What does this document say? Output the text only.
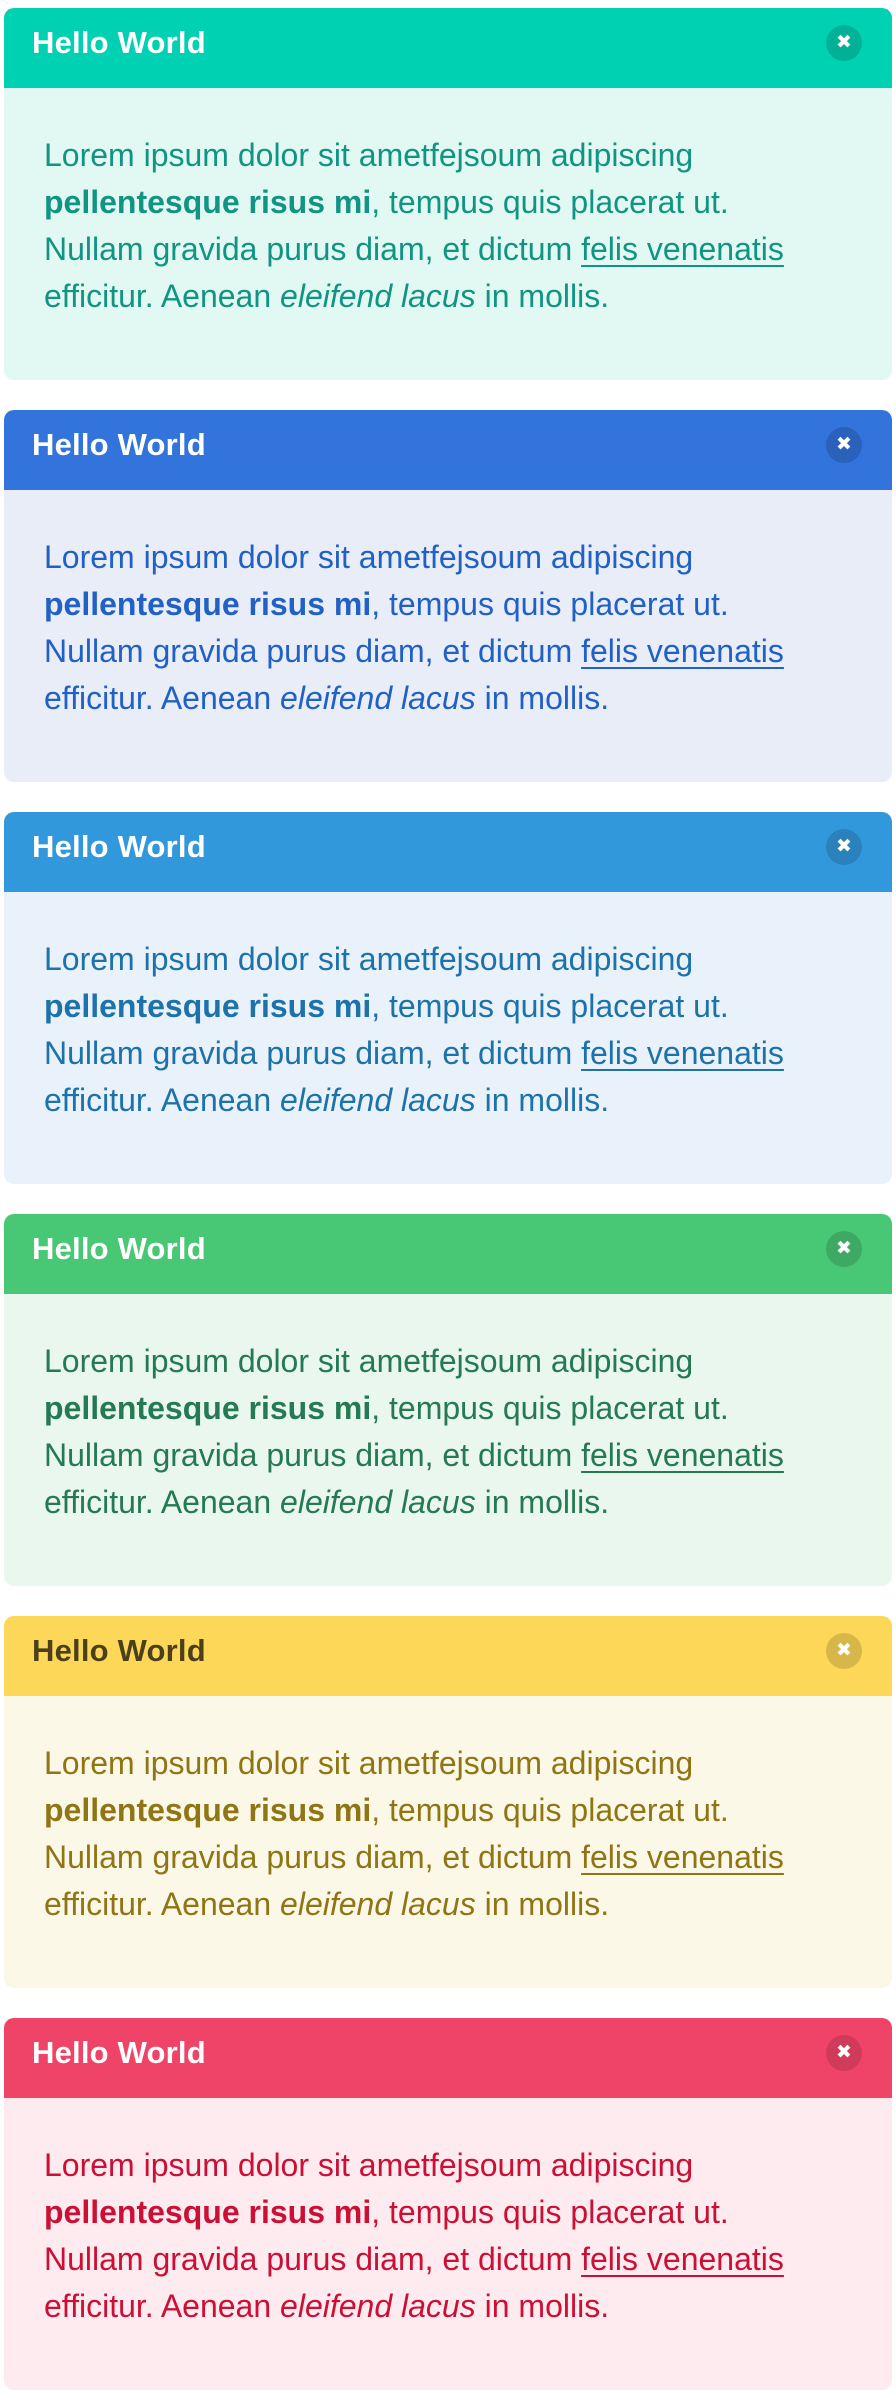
Hello World	✖
Lorem ipsum dolor sit ametfejsoum adipiscing
pellentesque risus mi, tempus quis placerat ut.
Nullam gravida purus diam, et dictum felis venenatis
efficitur. Aenean eleifend lacus in mollis.
Hello World	✖
Lorem ipsum dolor sit ametfejsoum adipiscing
pellentesque risus mi, tempus quis placerat ut.
Nullam gravida purus diam, et dictum felis venenatis
efficitur. Aenean eleifend lacus in mollis.
Hello World	✖
Lorem ipsum dolor sit ametfejsoum adipiscing
pellentesque risus mi, tempus quis placerat ut.
Nullam gravida purus diam, et dictum felis venenatis
efficitur. Aenean eleifend lacus in mollis.
Hello World	✖
Lorem ipsum dolor sit ametfejsoum adipiscing
pellentesque risus mi, tempus quis placerat ut.
Nullam gravida purus diam, et dictum felis venenatis
efficitur. Aenean eleifend lacus in mollis.
Hello World	✖
Lorem ipsum dolor sit ametfejsoum adipiscing
pellentesque risus mi, tempus quis placerat ut.
Nullam gravida purus diam, et dictum felis venenatis
efficitur. Aenean eleifend lacus in mollis.
Hello World	✖
Lorem ipsum dolor sit ametfejsoum adipiscing
pellentesque risus mi, tempus quis placerat ut.
Nullam gravida purus diam, et dictum felis venenatis
efficitur. Aenean eleifend lacus in mollis.
